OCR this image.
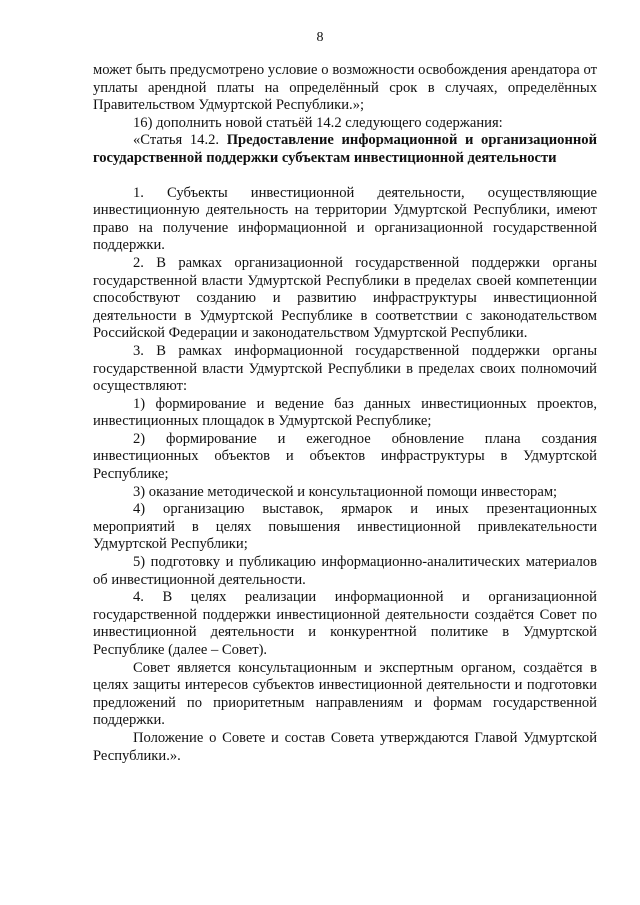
8

может быть предусмотрено условие о возможности освобождения арендатора от уплаты арендной платы на определённый срок в случаях, определённых Правительством Удмуртской Республики.»;

16) дополнить новой статьёй 14.2 следующего содержания:

«Статья 14.2. Предоставление информационной и организационной государственной поддержки субъектам инвестиционной деятельности

1. Субъекты инвестиционной деятельности, осуществляющие инвестиционную деятельность на территории Удмуртской Республики, имеют право на получение информационной и организационной государственной поддержки.

2. В рамках организационной государственной поддержки органы государственной власти Удмуртской Республики в пределах своей компетенции способствуют созданию и развитию инфраструктуры инвестиционной деятельности в Удмуртской Республике в соответствии с законодательством Российской Федерации и законодательством Удмуртской Республики.

3. В рамках информационной государственной поддержки органы государственной власти Удмуртской Республики в пределах своих полномочий осуществляют:

1) формирование и ведение баз данных инвестиционных проектов, инвестиционных площадок в Удмуртской Республике;

2) формирование и ежегодное обновление плана создания инвестиционных объектов и объектов инфраструктуры в Удмуртской Республике;

3) оказание методической и консультационной помощи инвесторам;

4) организацию выставок, ярмарок и иных презентационных мероприятий в целях повышения инвестиционной привлекательности Удмуртской Республики;

5) подготовку и публикацию информационно-аналитических материалов об инвестиционной деятельности.

4. В целях реализации информационной и организационной государственной поддержки инвестиционной деятельности создаётся Совет по инвестиционной деятельности и конкурентной политике в Удмуртской Республике (далее – Совет).

Совет является консультационным и экспертным органом, создаётся в целях защиты интересов субъектов инвестиционной деятельности и подготовки предложений по приоритетным направлениям и формам государственной поддержки.

Положение о Совете и состав Совета утверждаются Главой Удмуртской Республики.».
